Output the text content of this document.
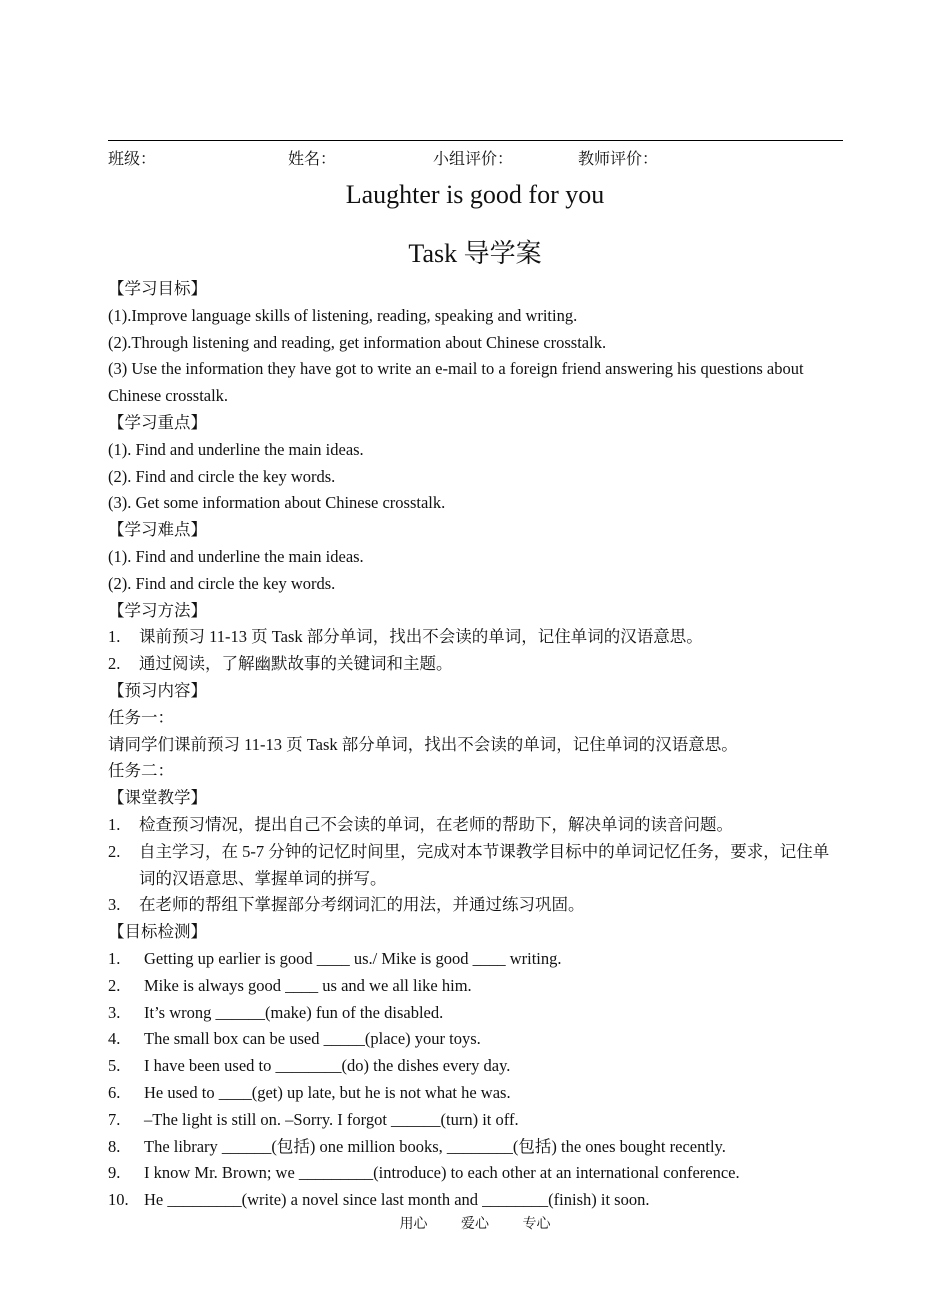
班级：	姓名：	小组评价：	教师评价：
Laughter is good for you
Task 导学案
【学习目标】
(1).Improve language skills of listening, reading, speaking and writing.
(2).Through listening and reading, get information about Chinese crosstalk.
(3) Use the information they have got to write an e-mail to a foreign friend answering his questions about Chinese crosstalk.
【学习重点】
(1). Find and underline the main ideas.
(2). Find and circle the key words.
(3). Get some information about Chinese crosstalk.
【学习难点】
(1). Find and underline the main ideas.
(2). Find and circle the key words.
【学习方法】
1.	课前预习 11-13 页 Task 部分单词，找出不会读的单词，记住单词的汉语意思。
2.	通过阅读，了解幽默故事的关键词和主题。
【预习内容】
任务一：
请同学们课前预习 11-13 页 Task 部分单词，找出不会读的单词，记住单词的汉语意思。
任务二：
【课堂教学】
1.	检查预习情况，提出自己不会读的单词，在老师的帮助下，解决单词的读音问题。
2.	自主学习，在 5-7 分钟的记忆时间里，完成对本节课教学目标中的单词记忆任务，要求，记住单词的汉语意思、掌握单词的拼写。
3.	在老师的帮组下掌握部分考纲词汇的用法，并通过练习巩固。
【目标检测】
1.	Getting up earlier is good ____ us./ Mike is good ____ writing.
2.	Mike is always good ____ us and we all like him.
3.	It’s wrong ______(make) fun of the disabled.
4.	The small box can be used _____(place) your toys.
5.	I have been used to ________(do) the dishes every day.
6.	He used to ____(get) up late, but he is not what he was.
7.	–The light is still on. –Sorry. I forgot ______(turn) it off.
8.	The library ______(包括) one million books, ________(包括) the ones bought recently.
9.	I know Mr. Brown; we _________(introduce) to each other at an international conference.
10. He _________(write) a novel since last month and ________(finish) it soon.
用心 爱心 专心
